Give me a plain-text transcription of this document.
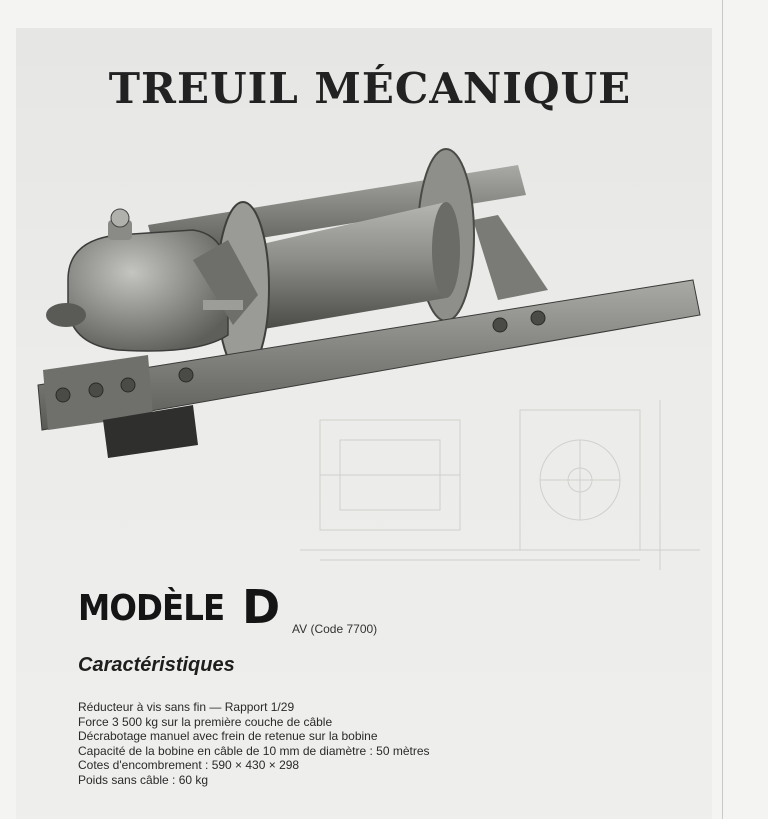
TREUIL MÉCANIQUE
MODÈLE D AV (Code 7700)
Caractéristiques
Réducteur à vis sans fin — Rapport 1/29
Force 3 500 kg sur la première couche de câble
Décrabotage manuel avec frein de retenue sur la bobine
Capacité de la bobine en câble de 10 mm de diamètre : 50 mètres
Cotes d'encombrement : 590 × 430 × 298
Poids sans câble : 60 kg
